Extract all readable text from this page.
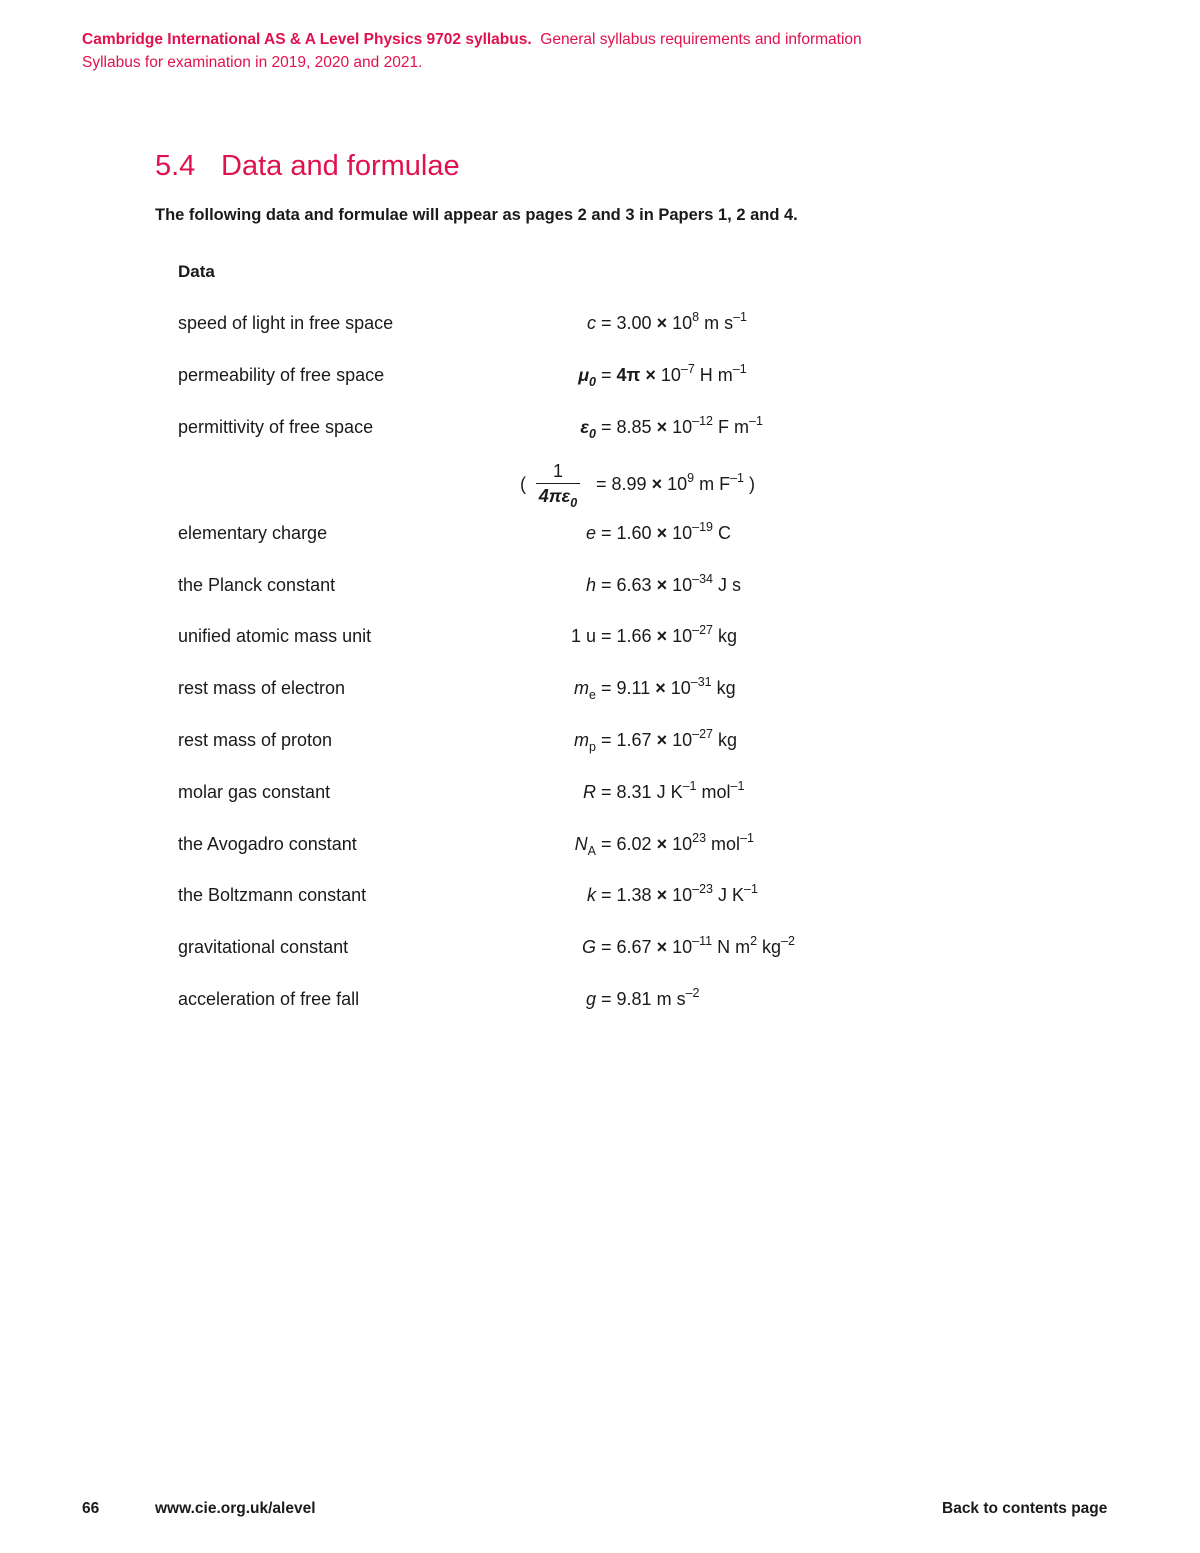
Cambridge International AS & A Level Physics 9702 syllabus. General syllabus requirements and information
Syllabus for examination in 2019, 2020 and 2021.
5.4 Data and formulae
The following data and formulae will appear as pages 2 and 3 in Papers 1, 2 and 4.
Data
speed of light in free space	$c = 3.00 \times 10^8$ m $s^{-1}$
permeability of free space	$\mu_0 = 4\pi \times 10^{-7}$ H $m^{-1}$
permittivity of free space	$\varepsilon_0 = 8.85 \times 10^{-12}$ F $m^{-1}$
elementary charge	$e = 1.60 \times 10^{-19}$ C
the Planck constant	$h = 6.63 \times 10^{-34}$ J s
unified atomic mass unit	1 $u = 1.66 \times 10^{-27}$ kg
rest mass of electron	$m_e = 9.11 \times 10^{-31}$ kg
rest mass of proton	$m_p = 1.67 \times 10^{-27}$ kg
molar gas constant	R = 8.31 J $K^{-1}$ mol$^{-1}$
the Avogadro constant	$N_A = 6.02 \times 10^{23}$ mol$^{-1}$
the Boltzmann constant	$k = 1.38 \times 10^{-23}$ J $K^{-1}$
gravitational constant	$G = 6.67 \times 10^{-11}$ N $m^2$ $kg^{-2}$
acceleration of free fall	g = 9.81 m $s^{-2}$
( $\frac{1}{4\pi\varepsilon_0} = 8.99 \times 10^9$ m $F^{-1}$ )
66	www.cie.org.uk/alevel	Back to contents page
